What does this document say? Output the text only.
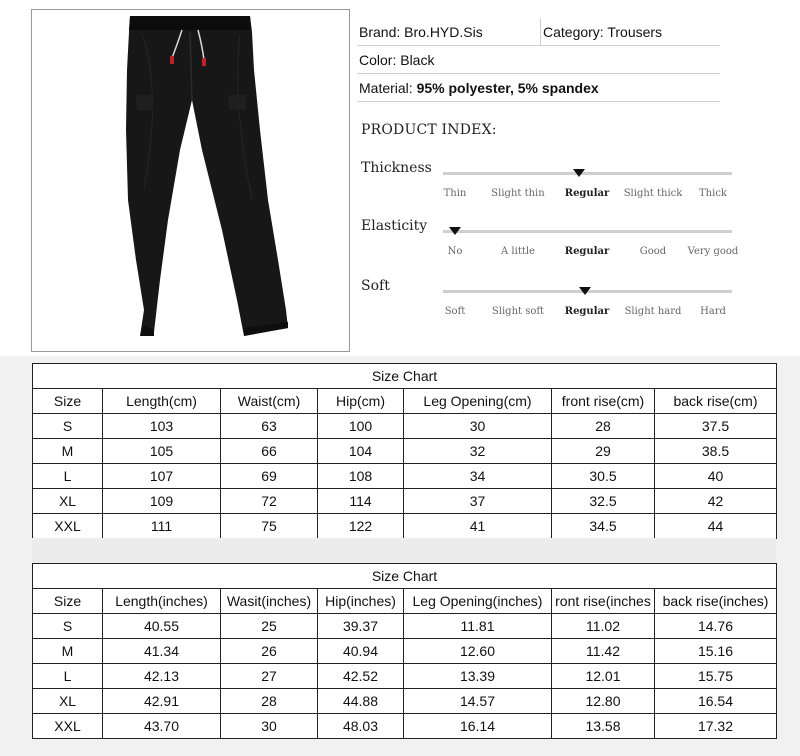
Brand: Bro.HYD.Sis	Category: Trousers
Color: Black
Material: 95% polyester, 5% spandex
PRODUCT INDEX:
Thickness
Thin Slight thin Regular Slight thick Thick
Elasticity
No	A little	Regular	Good Very good
Soft
Soft	Slight soft Regular Slight hard Hard
Size Chart						
Size	Length(cm)	Waist(cm)	Hip(cm)	Leg Opening(cm)	front rise(cm)	back rise(cm)
S	103	63	100	30	28	37.5
M	105	66	104	32	29	38.5
L	107	69	108	34	30.5	40
XL	109	72	114	37	32.5	42
XXL	111	75	122	41	34.5	44
Size Chart						
Size	Length(inches)	Wasit(inches)	Hip(inches)	Leg Opening(inches)	ront rise(inches	back rise(inches)
S	40.55	25	39.37	11.81	11.02	14.76
M	41.34	26	40.94	12.60	11.42	15.16
L	42.13	27	42.52	13.39	12.01	15.75
XL	42.91	28	44.88	14.57	12.80	16.54
XXL	43.70	30	48.03	16.14	13.58	17.32
